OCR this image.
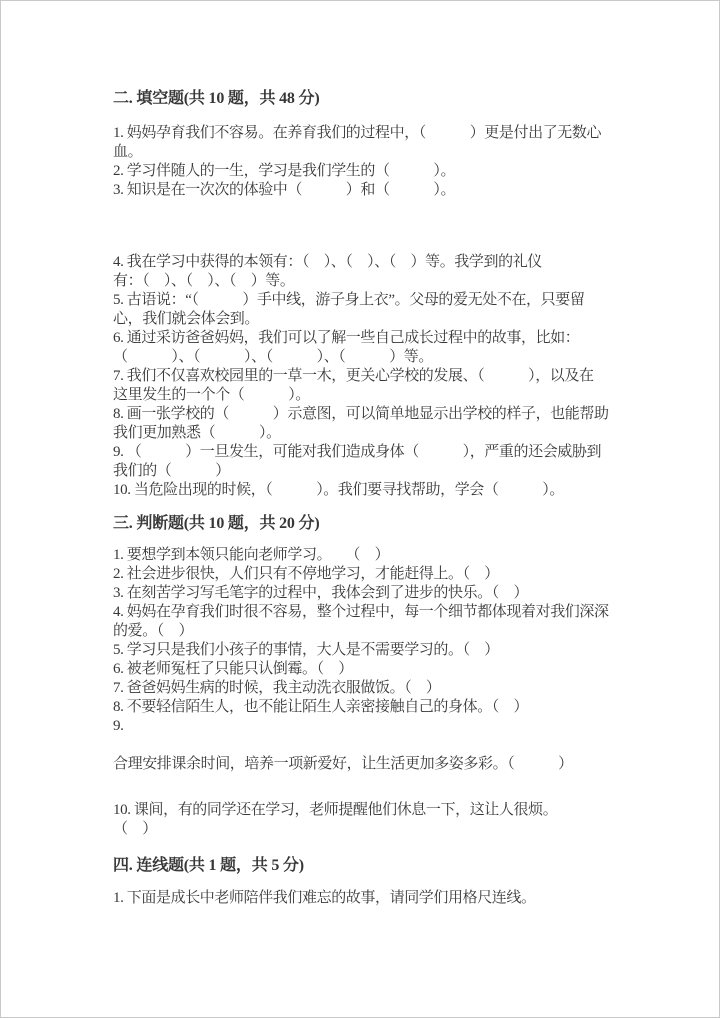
二. 填空题(共 10 题，共 48 分)
1. 妈妈孕育我们不容易。在养育我们的过程中，（　　　）更是付出了无数心
血。
2. 学习伴随人的一生，学习是我们学生的（　　　）。
3. 知识是在一次次的体验中（　　　）和（　　　）。
4. 我在学习中获得的本领有：（　）、（　）、（　）等。我学到的礼仪
有：（　）、（　）、（　）等。
5. 古语说：“（　　　）手中线，游子身上衣”。父母的爱无处不在，只要留
心，我们就会体会到。
6. 通过采访爸爸妈妈，我们可以了解一些自己成长过程中的故事，比如：
（　　　）、（　　　）、（　　　）、（　　　）等。
7. 我们不仅喜欢校园里的一草一木，更关心学校的发展、（　　　），以及在
这里发生的一个个（　　　）。
8. 画一张学校的（　　　）示意图，可以简单地显示出学校的样子，也能帮助
我们更加熟悉（　　　）。
9. （　　　）一旦发生，可能对我们造成身体（　　　），严重的还会威胁到
我们的（　　　）
10. 当危险出现的时候，（　　　）。我们要寻找帮助，学会（　　　）。
三. 判断题(共 10 题，共 20 分)
1. 要想学到本领只能向老师学习。　　（　）
2. 社会进步很快，人们只有不停地学习，才能赶得上。（　）
3. 在刻苦学习写毛笔字的过程中，我体会到了进步的快乐。（　）
4. 妈妈在孕育我们时很不容易，整个过程中，每一个细节都体现着对我们深深
的爱。（　）
5. 学习只是我们小孩子的事情，大人是不需要学习的。（　）
6. 被老师冤枉了只能只认倒霉。（　）
7. 爸爸妈妈生病的时候，我主动洗衣服做饭。（　）
8. 不要轻信陌生人，也不能让陌生人亲密接触自己的身体。（　）
9.
合理安排课余时间，培养一项新爱好，让生活更加多姿多彩。（　　　）
10. 课间，有的同学还在学习，老师提醒他们休息一下，这让人很烦。
（　）
四. 连线题(共 1 题，共 5 分)
1. 下面是成长中老师陪伴我们难忘的故事，请同学们用格尺连线。
